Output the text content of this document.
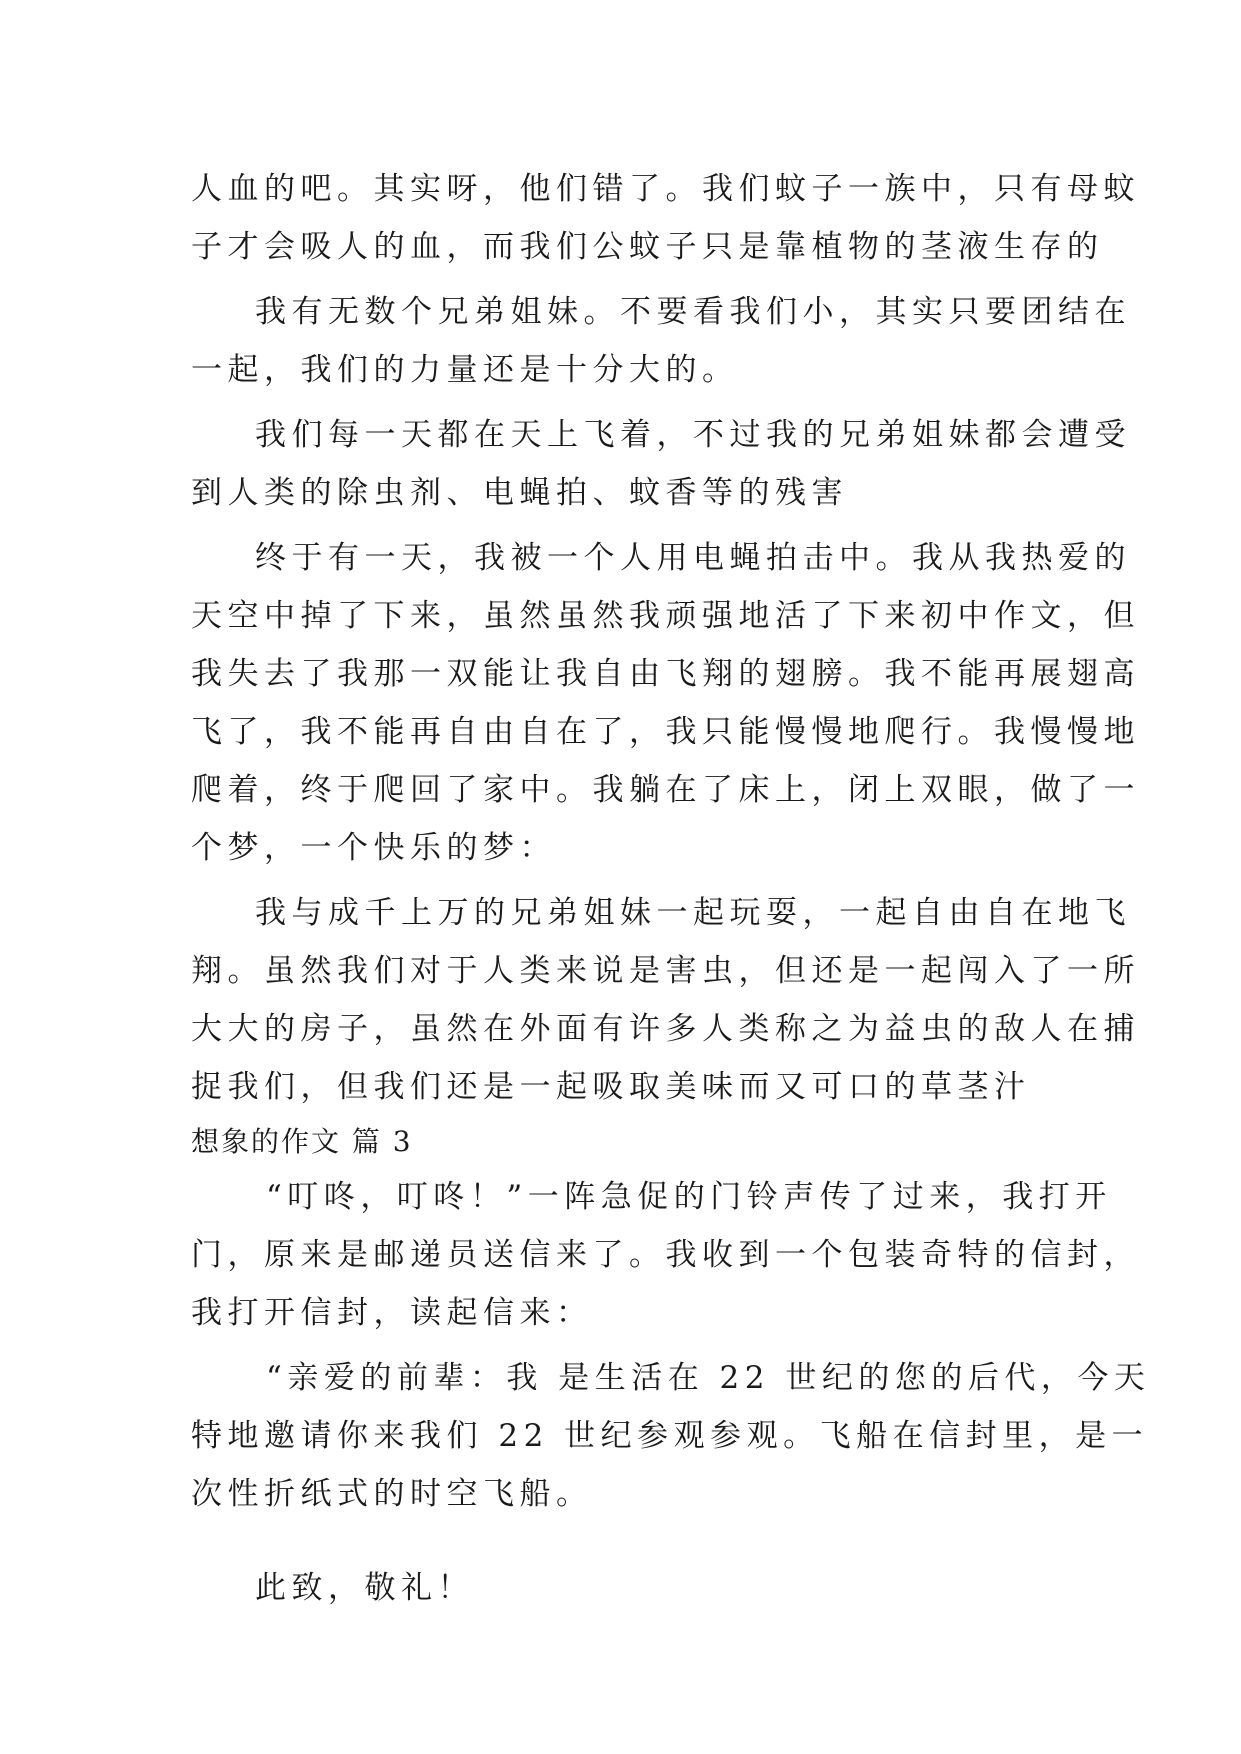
人血的吧。其实呀，他们错了。我们蚊子一族中，只有母蚊
子才会吸人的血，而我们公蚊子只是靠植物的茎液生存的
我有无数个兄弟姐妹。不要看我们小，其实只要团结在
一起，我们的力量还是十分大的。
我们每一天都在天上飞着，不过我的兄弟姐妹都会遭受
到人类的除虫剂、电蝇拍、蚊香等的残害
终于有一天，我被一个人用电蝇拍击中。我从我热爱的
天空中掉了下来，虽然虽然我顽强地活了下来初中作文，但
我失去了我那一双能让我自由飞翔的翅膀。我不能再展翅高
飞了，我不能再自由自在了，我只能慢慢地爬行。我慢慢地
爬着，终于爬回了家中。我躺在了床上，闭上双眼，做了一
个梦，一个快乐的梦：
我与成千上万的兄弟姐妹一起玩耍，一起自由自在地飞
翔。虽然我们对于人类来说是害虫，但还是一起闯入了一所
大大的房子，虽然在外面有许多人类称之为益虫的敌人在捕
捉我们，但我们还是一起吸取美味而又可口的草茎汁
想象的作文 篇 3
“叮咚，叮咚！”一阵急促的门铃声传了过来，我打开
门，原来是邮递员送信来了。我收到一个包装奇特的信封，
我打开信封，读起信来：
“亲爱的前辈：我 是生活在 22 世纪的您的后代，今天
特地邀请你来我们 22 世纪参观参观。飞船在信封里，是一
次性折纸式的时空飞船。
此致，敬礼！
